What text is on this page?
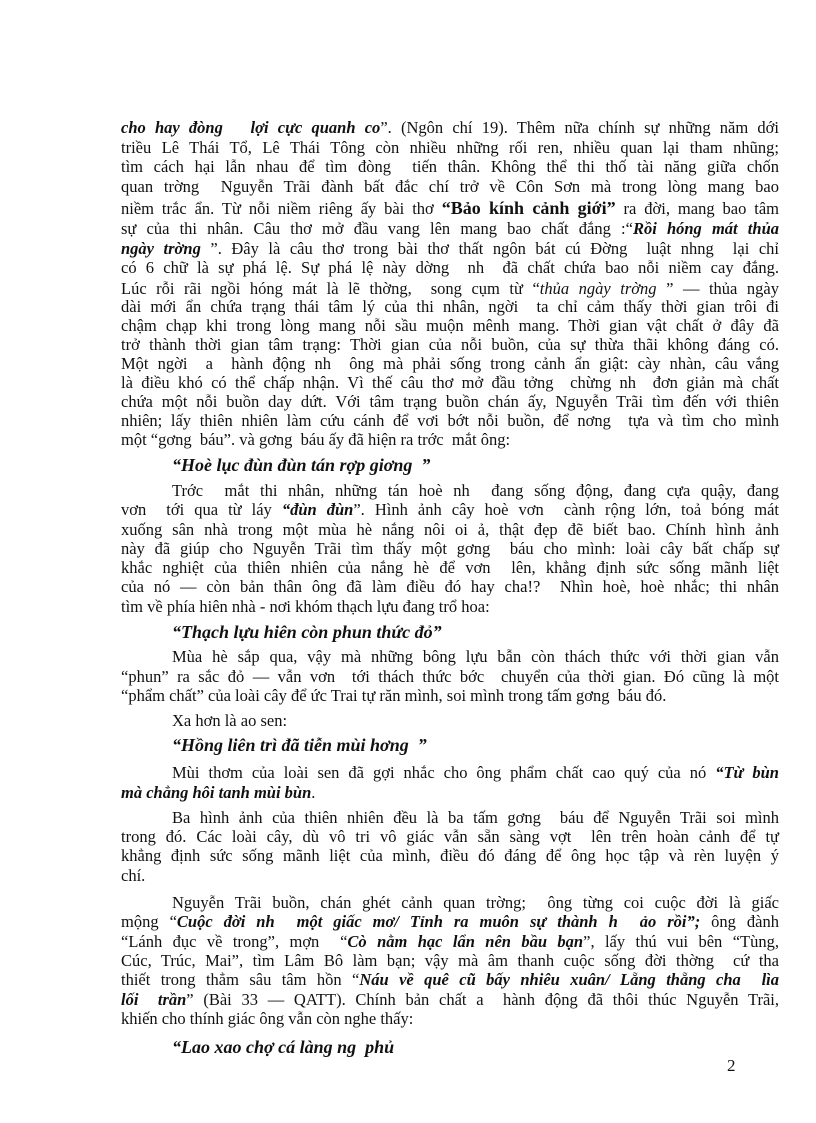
cho hay đòng   lợi cực quanh co”. (Ngôn chí 19). Thêm nữa chính sự những năm dới
triều Lê Thái Tổ, Lê Thái Tông còn nhiều những rối ren, nhiều quan lại tham nhũng;
tìm cách hại lẫn nhau để tìm đòng  tiến thân. Không thể thi thố tài năng giữa chốn
quan trờng  Nguyễn Trãi đành bất đắc chí trở về Côn Sơn mà trong lòng mang bao
niềm trắc ẩn. Từ nỗi niềm riêng ấy bài thơ “Bảo kính cảnh giới” ra đời, mang bao tâm
sự của thi nhân. Câu thơ mở đầu vang lên mang bao chất đắng :“Rồi hóng mát thủa
ngày trờng ”. Đây là câu thơ trong bài thơ thất ngôn bát cú Đờng  luật nhng  lại chỉ
có 6 chữ là sự phá lệ. Sự phá lệ này dờng  nh  đã chất chứa bao nỗi niềm cay đắng.
Lúc rỗi rãi ngồi hóng mát là lẽ thờng,  song cụm từ “thủa ngày trờng ” — thủa ngày
dài mới ẩn chứa trạng thái tâm lý của thi nhân, ngời  ta chỉ cảm thấy thời gian trôi đi
chậm chạp khi trong lòng mang nỗi sầu muộn mênh mang. Thời gian vật chất ở đây đã
trở thành thời gian tâm trạng: Thời gian của nỗi buồn, của sự thừa thãi không đáng có.
Một ngời  a  hành động nh  ông mà phải sống trong cảnh ẩn giật: cày nhàn, câu vắng
là điều khó có thể chấp nhận. Vì thế câu thơ mở đầu tởng  chừng nh  đơn giản mà chất
chứa một nỗi buồn day dứt. Với tâm trạng buồn chán ấy, Nguyễn Trãi tìm đến với thiên
nhiên; lấy thiên nhiên làm cứu cánh để vơi bớt nỗi buồn, để nơng  tựa và tìm cho mình
một “gơng  báu”. và gơng  báu ấy đã hiện ra trớc  mắt ông:
“Hoè lục đùn đùn tán rợp giơng  ”
Trớc  mắt thi nhân, những tán hoè nh  đang sống động, đang cựa quậy, đang
vơn  tới qua từ láy “đùn đùn”. Hình ảnh cây hoè vơn  cành rộng lớn, toả bóng mát
xuống sân nhà trong một mùa hè nắng nôi oi ả, thật đẹp đẽ biết bao. Chính hình ảnh
này đã giúp cho Nguyễn Trãi tìm thấy một gơng  báu cho mình: loài cây bất chấp sự
khắc nghiệt của thiên nhiên của nắng hè để vơn  lên, khẳng định sức sống mãnh liệt
của nó — còn bản thân ông đã làm điều đó hay cha!?  Nhìn hoè, hoè nhắc; thi nhân
tìm về phía hiên nhà - nơi khóm thạch lựu đang trổ hoa:
“Thạch lựu hiên còn phun thức đỏ”
Mùa hè sắp qua, vậy mà những bông lựu bẫn còn thách thức với thời gian vẫn
“phun” ra sắc đỏ — vẫn vơn  tới thách thức bớc  chuyển của thời gian. Đó cũng là một
“phẩm chất” của loài cây để ức Trai tự răn mình, soi mình trong tấm gơng  báu đó.
Xa hơn là ao sen:
“Hồng liên trì đã tiễn mùi hơng  ”
Mùi thơm của loài sen đã gợi nhắc cho ông phẩm chất cao quý của nó “Từ bùn
mà chẳng hôi tanh mùi bùn.
Ba hình ảnh của thiên nhiên đều là ba tấm gơng  báu để Nguyễn Trãi soi mình
trong đó. Các loài cây, dù vô tri vô giác vẫn sẵn sàng vợt  lên trên hoàn cảnh để tự
khẳng định sức sống mãnh liệt của mình, điều đó đáng để ông học tập và rèn luyện ý
chí.
Nguyễn Trãi buồn, chán ghét cảnh quan trờng;  ông từng coi cuộc đời là giấc
mộng “Cuộc đời nh  một giấc mơ/ Tỉnh ra muôn sự thành h  ảo rồi”; ông đành
“Lánh đục về trong”, mợn  “Cò nằm hạc lẩn nên bầu bạn”, lấy thú vui bên “Tùng,
Cúc, Trúc, Mai”, tìm Lâm Bô làm bạn; vậy mà âm thanh cuộc sống đời thờng  cứ tha
thiết trong thẳm sâu tâm hồn “Náu về quê cũ bấy nhiêu xuân/ Lẵng thẵng cha  lìa
lối  trần” (Bài 33 — QATT). Chính bản chất a  hành động đã thôi thúc Nguyễn Trãi,
khiến cho thính giác ông vẫn còn nghe thấy:
“Lao xao chợ cá làng ng  phủ
2
